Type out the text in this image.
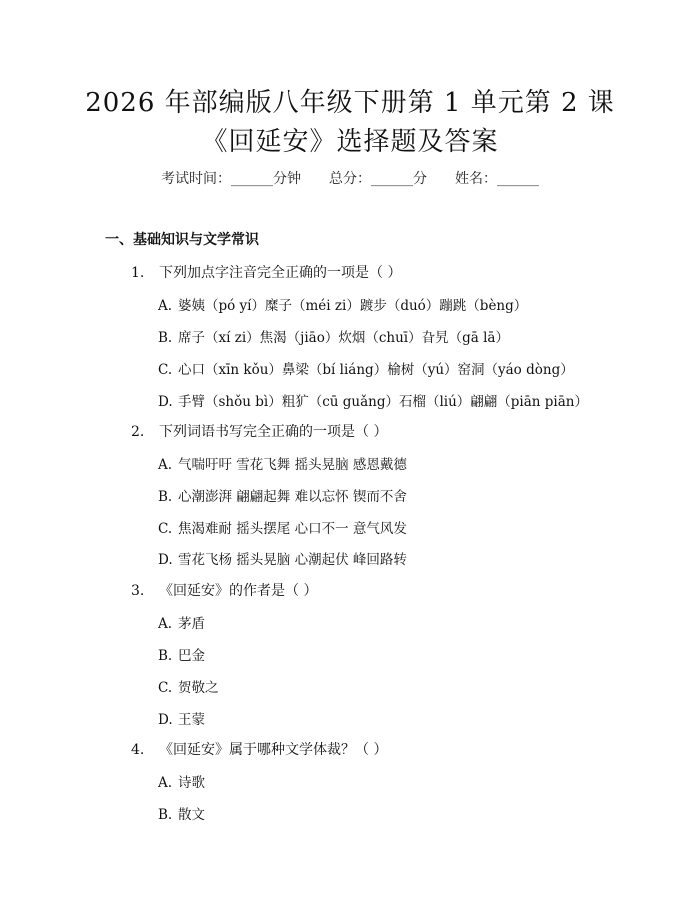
2026 年部编版八年级下册第 1 单元第 2 课
《回延安》选择题及答案
考试时间：______分钟　　总分：______分　　姓名：______
一、基础知识与文学常识
1. 下列加点字注音完全正确的一项是（ ）
A. 婆姨（pó yí）糜子（méi zi）踱步（duó）蹦跳（bèng）
B. 席子（xí zi）焦渴（jiāo）炊烟（chuī）旮旯（gā lā）
C. 心口（xīn kǒu）鼻梁（bí liáng）榆树（yú）窑洞（yáo dòng）
D. 手臂（shǒu bì）粗犷（cū guǎng）石榴（liú）翩翩（piān piān）
2. 下列词语书写完全正确的一项是（ ）
A. 气喘吁吁 雪花飞舞 摇头晃脑 感恩戴德
B. 心潮澎湃 翩翩起舞 难以忘怀 锲而不舍
C. 焦渴难耐 摇头摆尾 心口不一 意气风发
D. 雪花飞杨 摇头晃脑 心潮起伏 峰回路转
3. 《回延安》的作者是（ ）
A. 茅盾
B. 巴金
C. 贺敬之
D. 王蒙
4. 《回延安》属于哪种文学体裁？（ ）
A. 诗歌
B. 散文
